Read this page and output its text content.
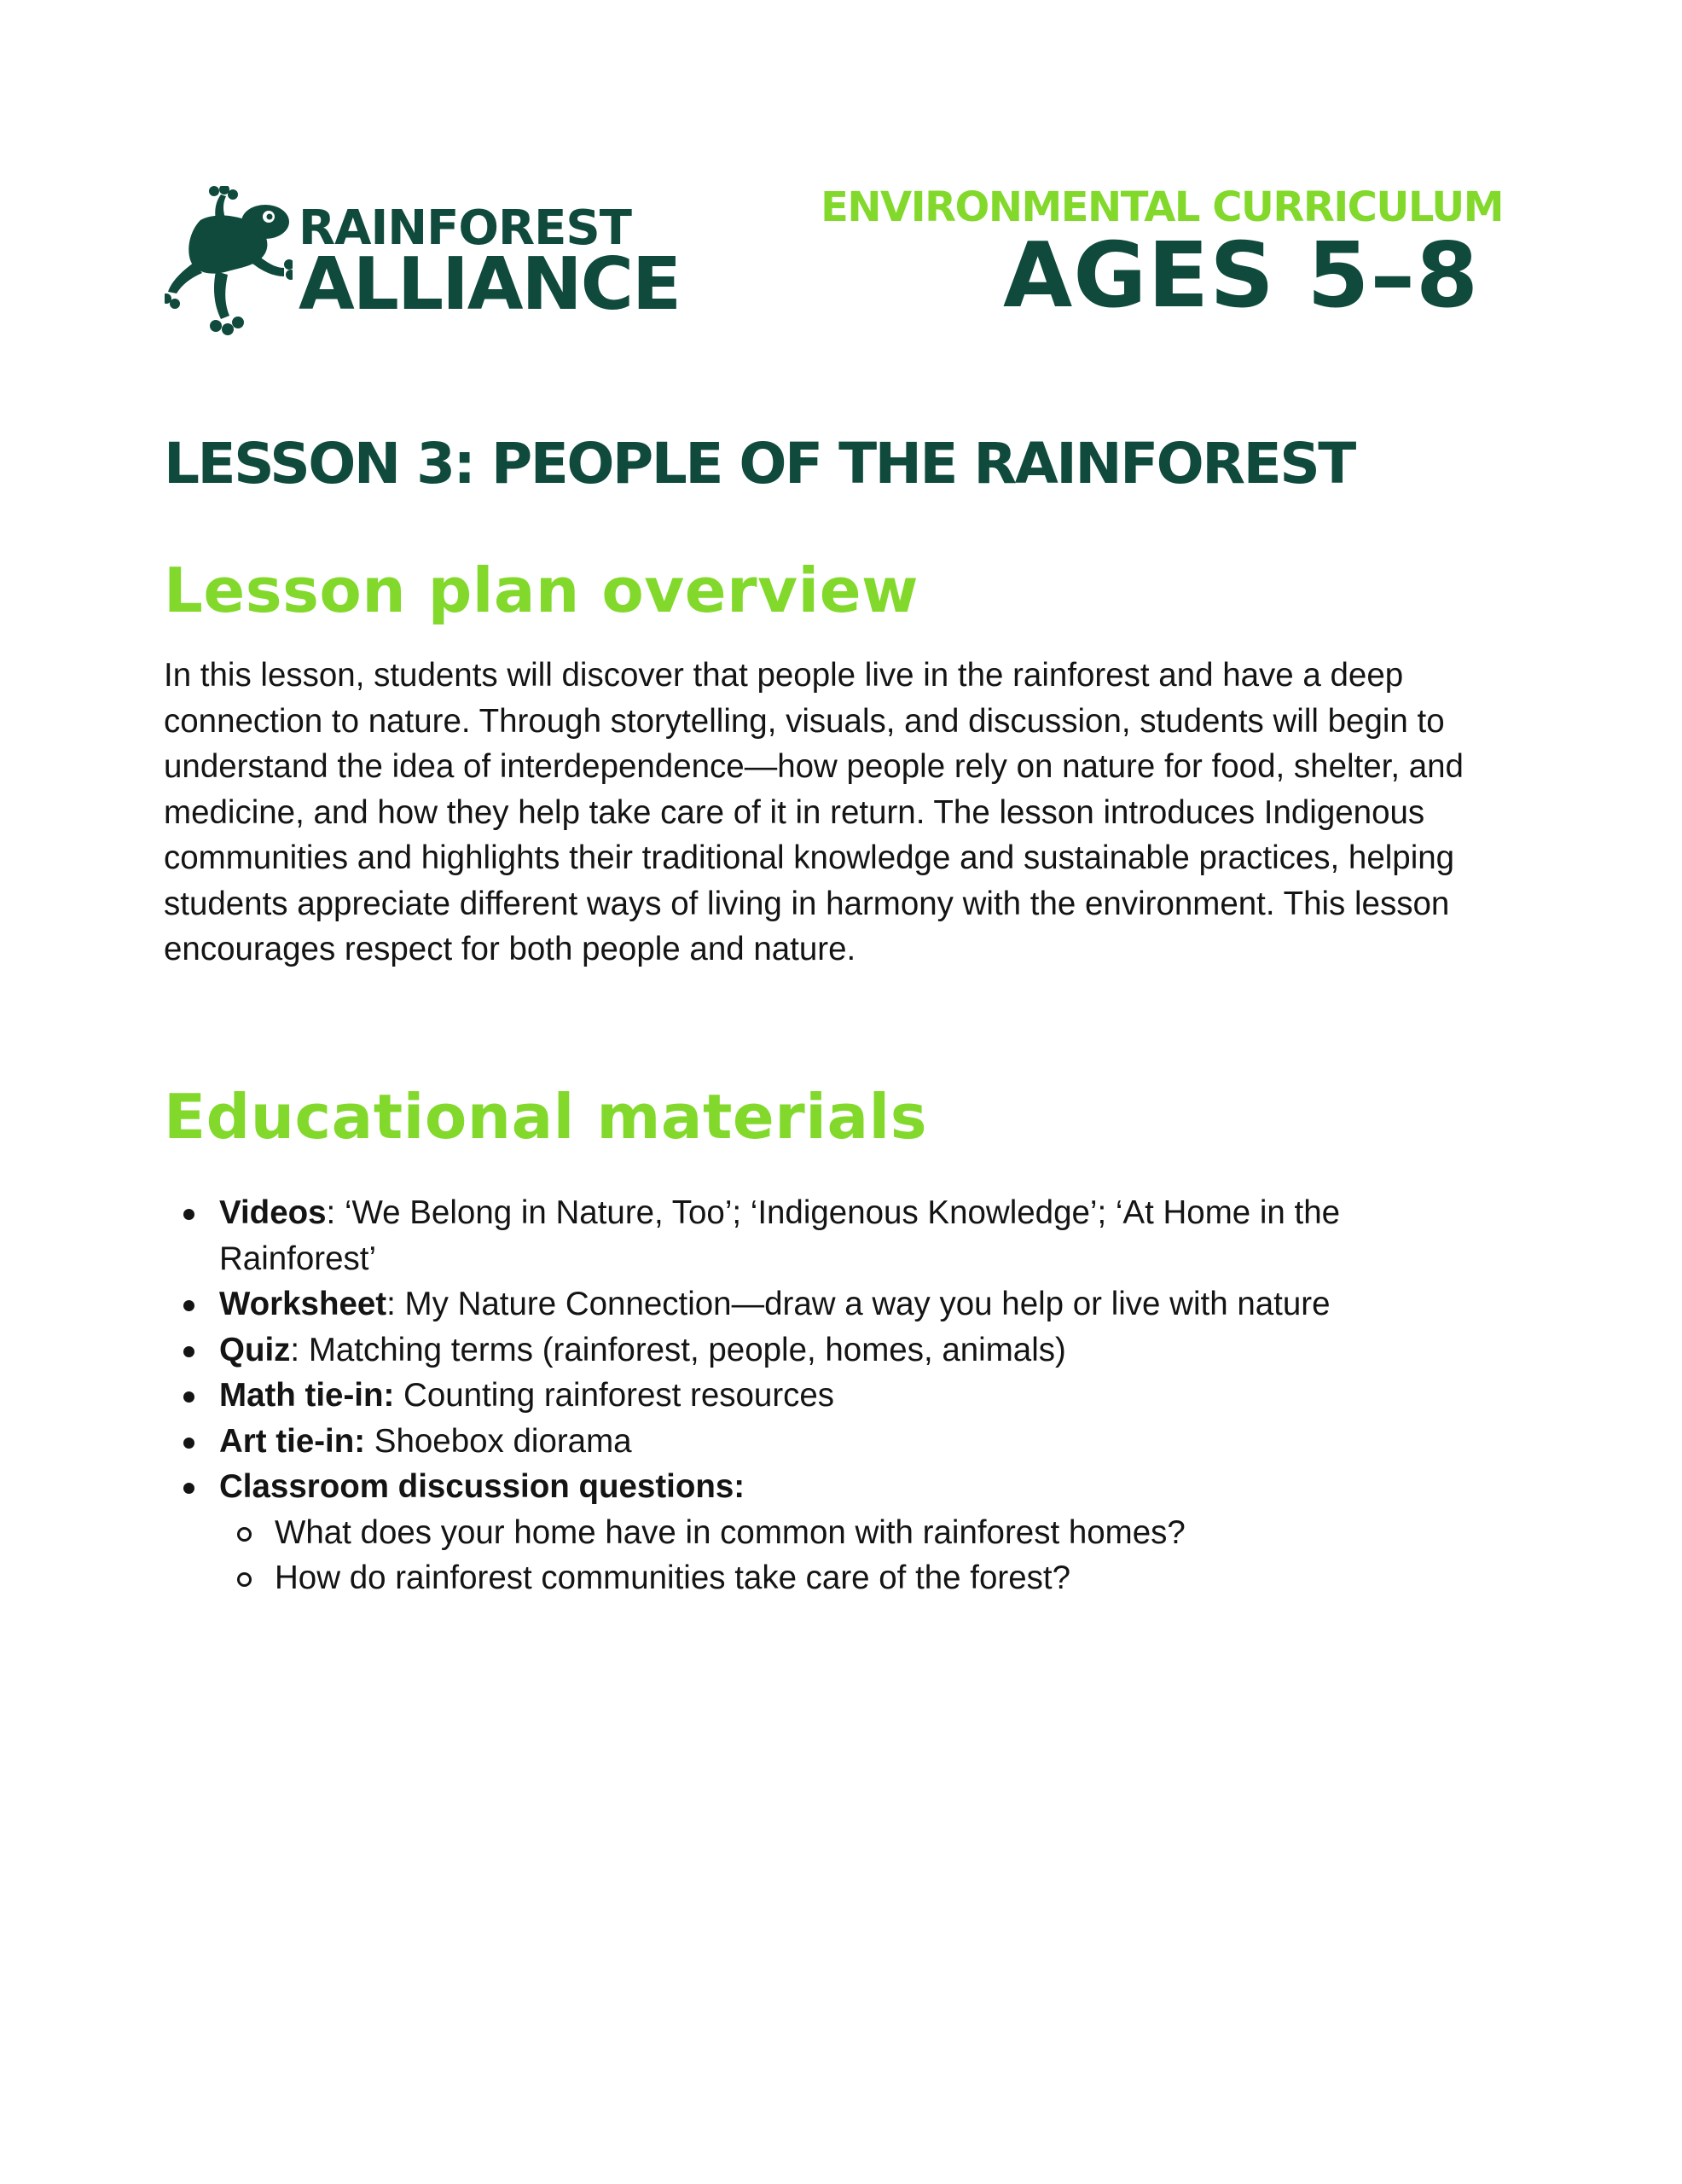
RAINFOREST
ALLIANCE
ENVIRONMENTAL CURRICULUM
AGES 5–8
LESSON 3: PEOPLE OF THE RAINFOREST
Lesson plan overview

In this lesson, students will discover that people live in the rainforest and have a deep connection to nature. Through storytelling, visuals, and discussion, students will begin to understand the idea of interdependence—how people rely on nature for food, shelter, and medicine, and how they help take care of it in return. The lesson introduces Indigenous communities and highlights their traditional knowledge and sustainable practices, helping students appreciate different ways of living in harmony with the environment. This lesson encourages respect for both people and nature.

Educational materials
Videos: ‘We Belong in Nature, Too’; ‘Indigenous Knowledge’; ‘At Home in the Rainforest’
Worksheet: My Nature Connection—draw a way you help or live with nature
Quiz: Matching terms (rainforest, people, homes, animals)
Math tie-in: Counting rainforest resources
Art tie-in: Shoebox diorama
Classroom discussion questions:
What does your home have in common with rainforest homes?
How do rainforest communities take care of the forest?
